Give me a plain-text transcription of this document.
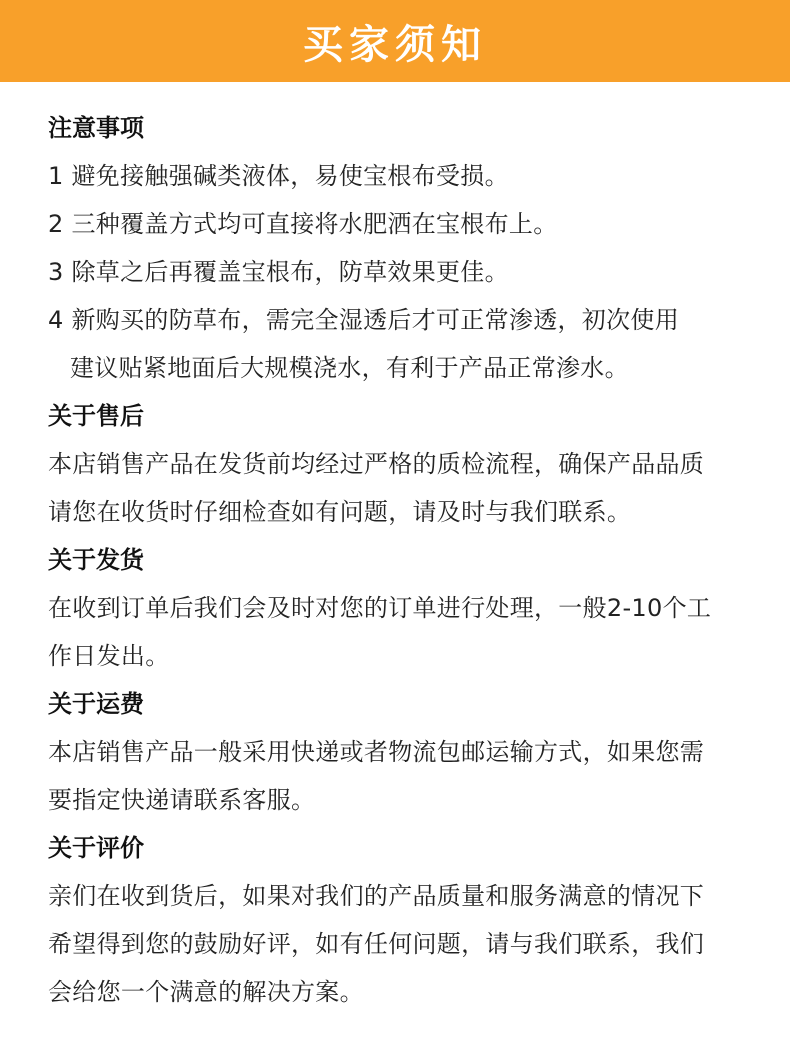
买家须知
注意事项
1 避免接触强碱类液体，易使宝根布受损。
2 三种覆盖方式均可直接将水肥洒在宝根布上。
3 除草之后再覆盖宝根布，防草效果更佳。
4 新购买的防草布，需完全湿透后才可正常渗透，初次使用
建议贴紧地面后大规模浇水，有利于产品正常渗水。
关于售后
本店销售产品在发货前均经过严格的质检流程，确保产品品质
请您在收货时仔细检查如有问题，请及时与我们联系。
关于发货
在收到订单后我们会及时对您的订单进行处理，一般2-10个工
作日发出。
关于运费
本店销售产品一般采用快递或者物流包邮运输方式，如果您需
要指定快递请联系客服。
关于评价
亲们在收到货后，如果对我们的产品质量和服务满意的情况下
希望得到您的鼓励好评，如有任何问题，请与我们联系，我们
会给您一个满意的解决方案。
